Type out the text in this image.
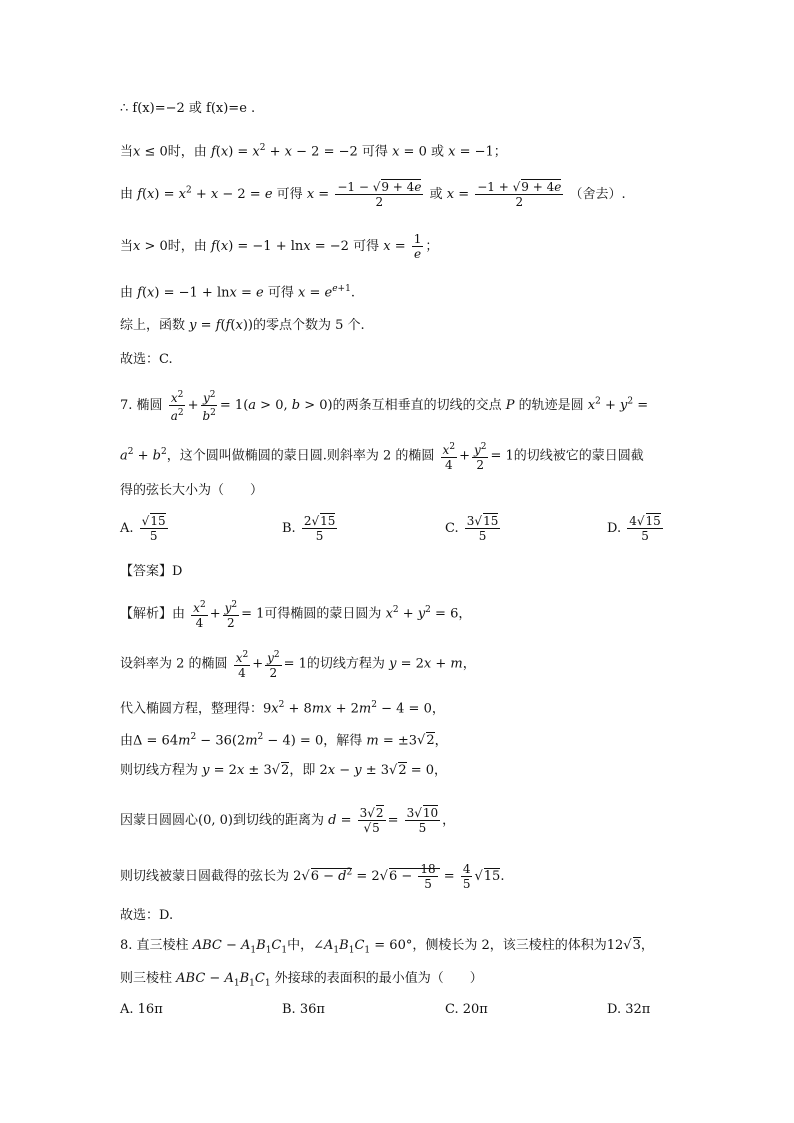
∴ f(x)=−2 或 f(x)=e .
当x ≤ 0时，由 $f(x) = x^2 + x - 2 = -2$ 可得 x = 0 或 x = −1；
由 $f(x) = x^2 + x - 2 = e$ 可得 $x = \frac{-1 - √ 9 + 4e}{2}$ 或 $x = \frac{-1 + √ 9 + 4e}{2}$ （舍去）.
当x > 0时，由 f(x) = −1 + lnx = −2 可得 $x = \frac{1}{e}$ ；
由 f(x) = −1 + lnx = e 可得 $x = e^{e+1}$.
综上，函数 y = f(f(x))的零点个数为 5 个.
故选：C.
7. 椭圆 $\frac{x^2}{a^2} + \frac{y^2}{b^2} = 1(a > 0$, b > 0)的两条互相垂直的切线的交点 P 的轨迹是圆 $x^2 + y^2$ =
$a^2 + b^2$，这个圆叫做椭圆的蒙日圆.则斜率为 2 的椭圆 $\frac{x^2}{4} + \frac{y^2}{2} = 1$的切线被它的蒙日圆截
得的弦长大小为（　　）
A.
√ $\frac{15}{5}$	B. $\frac{2√ 15}{5}$	C. $\frac{3√ 15}{5}$	D. $\frac{4√ 15}{5}$
【答案】D
【解析】由 $\frac{x^2}{4} + \frac{y^2}{2} = 1$可得椭圆的蒙日圆为 $x^2 + y^2 = 6$，
设斜率为 2 的椭圆 $\frac{x^2}{4} + \frac{y^2}{2} = 1$的切线方程为 y = 2x + m，
代入椭圆方程，整理得：$9x^2 + 8mx + 2m^2 - 4 = 0$，
由$\Delta = 64m^2 - 36(2m^2 - 4) = 0$，解得 m = ±3√ 2，
则切线方程为 y = 2x ± 3√ 2，即 2x − y ± 3√ 2 = 0，
因蒙日圆圆心(0, 0)到切线的距离为 d = 3√ 2
√ $5 = \frac{3√ 10}{5}$ ，
则切线被蒙日圆截得的弦长为 2√ $6 - d^2 = 2√$ $6 - \frac{18}{5} = \frac{4}{5}$
√ 15.
故选：D.
8. 直三棱柱 ABC − $A_1B_1C_1$中，$\angle A_1B_1C_1 = 60^\circ$，侧棱长为 2，该三棱柱的体积为12√ 3，
则三棱柱 ABC − $A_1B_1C_1$ 外接球的表面积的最小值为（　　）
A. 16π	B. 36π	C. 20π	D. 32π
